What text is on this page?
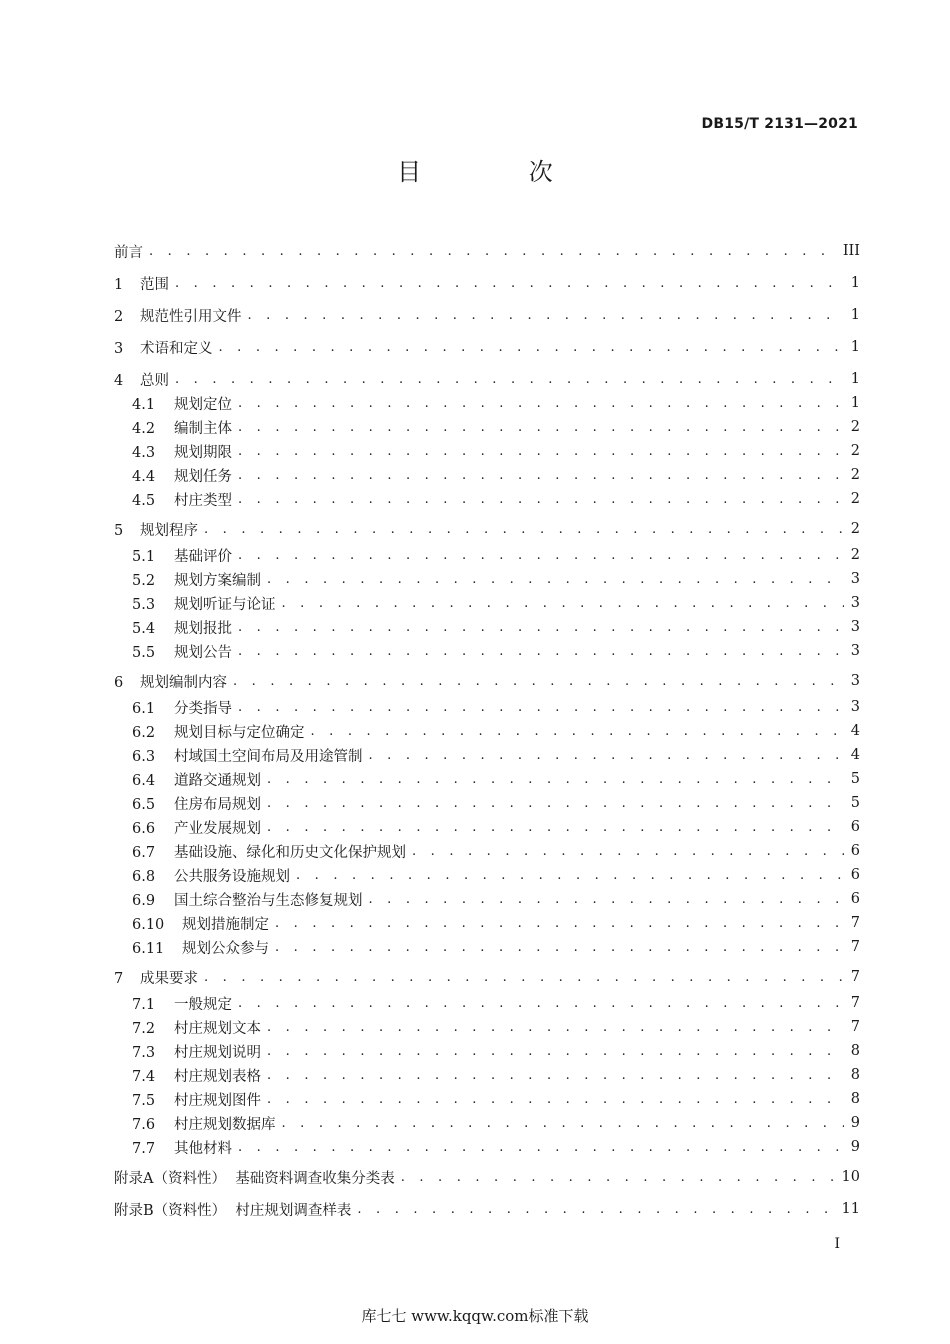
DB15/T 2131—2021
目 次
前言 . . .	III
1 范围 . . .	1
2 规范性引用文件 . . .	1
3 术语和定义 . . .	1
4 总则 . . .	1
4.1 规划定位 . . .	1
4.2 编制主体 . . .	2
4.3 规划期限 . . .	2
4.4 规划任务 . . .	2
4.5 村庄类型 . . .	2
5 规划程序 . . .	2
5.1 基础评价 . . .	2
5.2 规划方案编制 . . .	3
5.3 规划听证与论证 . . .	3
5.4 规划报批 . . .	3
5.5 规划公告 . . .	3
6 规划编制内容 . . .	3
6.1 分类指导 . . .	3
6.2 规划目标与定位确定 . . .	4
6.3 村域国土空间布局及用途管制 . . .	4
6.4 道路交通规划 . . .	5
6.5 住房布局规划 . . .	5
6.6 产业发展规划 . . .	6
6.7 基础设施、绿化和历史文化保护规划 . . .	6
6.8 公共服务设施规划 . . .	6
6.9 国土综合整治与生态修复规划 . . .	6
6.10 规划措施制定 . . .	7
6.11 规划公众参与 . . .	7
7 成果要求 . . .	7
7.1 一般规定 . . .	7
7.2 村庄规划文本 . . .	7
7.3 村庄规划说明 . . .	8
7.4 村庄规划表格 . . .	8
7.5 村庄规划图件 . . .	8
7.6 村庄规划数据库 . . .	9
7.7 其他材料 . . .	9
附录A（资料性）  基础资料调查收集分类表 . . .	10
附录B（资料性）  村庄规划调查样表 . . .	11
I
库七七 www.kqqw.com标准下载
